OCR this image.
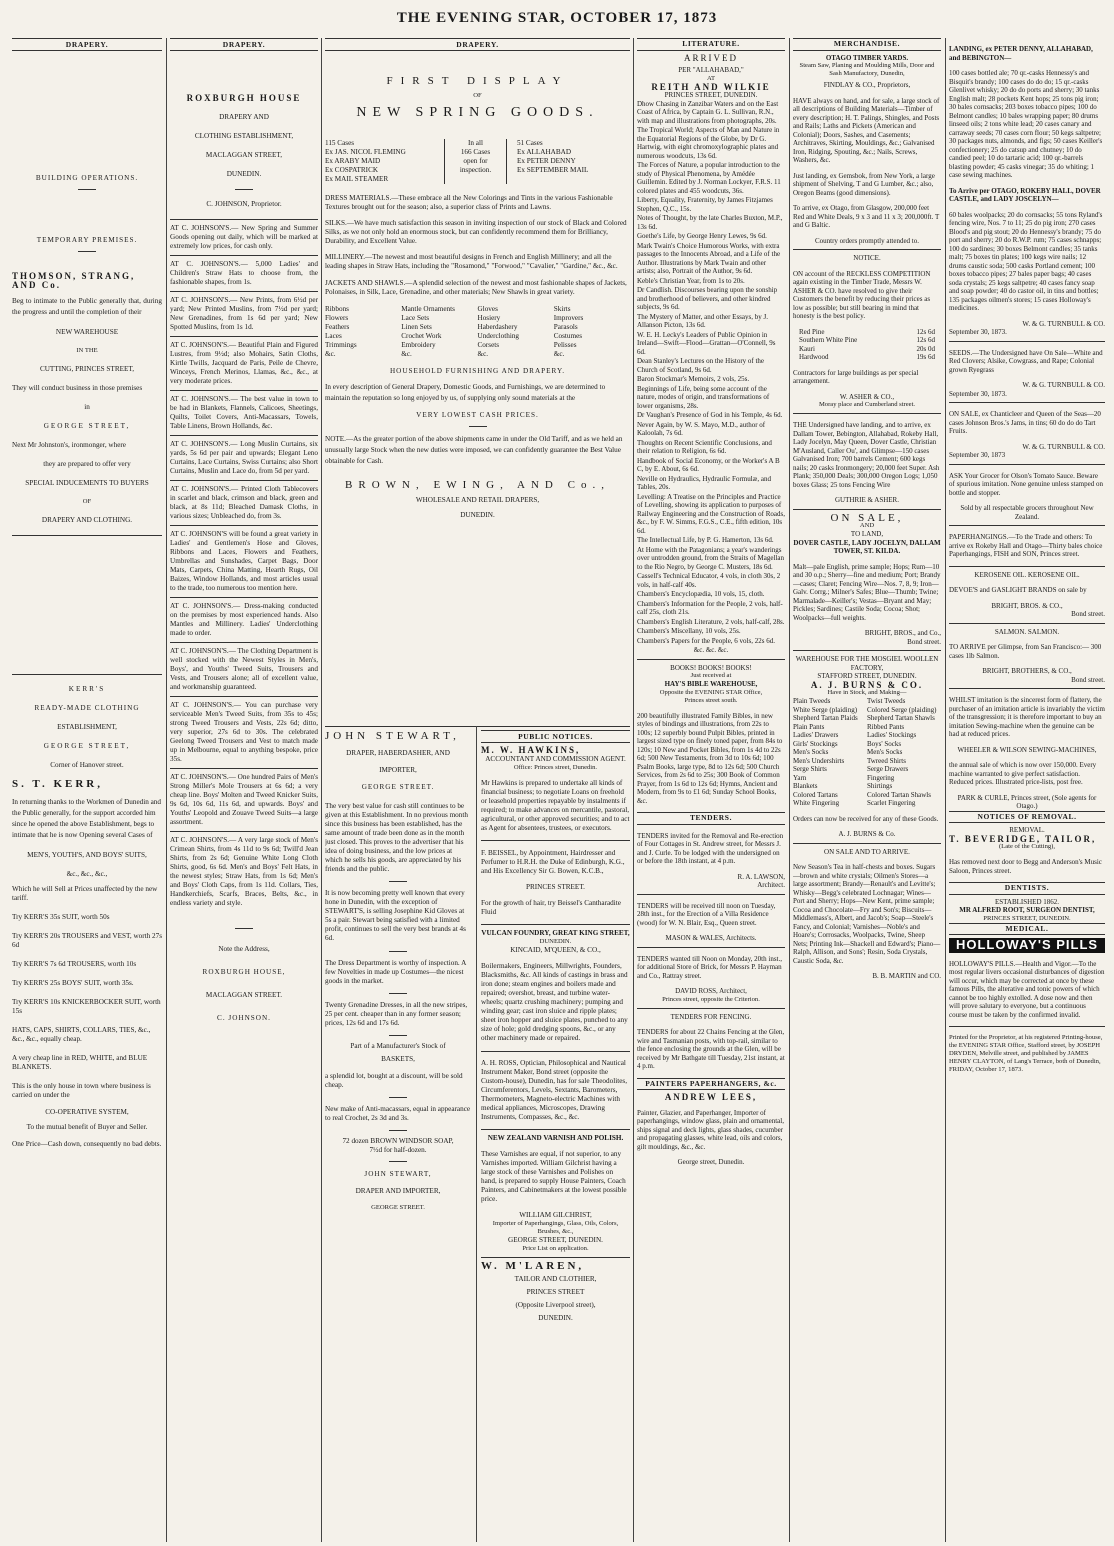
THE EVENING STAR, OCTOBER 17, 1873
DRAPERY.
BUILDING OPERATIONS.
TEMPORARY PREMISES.
THOMSON, STRANG, AND Co.

Beg to intimate to the Public generally that, during the progress and until the completion of their

NEW WAREHOUSE
IN THE
CUTTING, PRINCES STREET,

They will conduct business in those premises

in
GEORGE STREET,

Next Mr Johnston's, ironmonger, where

they are prepared to offer very
SPECIAL INDUCEMENTS TO BUYERS
OF
DRAPERY AND CLOTHING.
KERR'S
READY-MADE CLOTHING
ESTABLISHMENT,
GEORGE STREET,
Corner of Hanover street.
S. T. KERR,

In returning thanks to the Workmen of Dunedin and the Public generally, for the support accorded him since he opened the above Establishment, begs to intimate that he is now Opening several Cases of

MEN'S, YOUTH'S, AND BOYS' SUITS,
&c., &c., &c.,

Which he will Sell at Prices unaffected by the new tariff.

Try KERR'S 35s SUIT, worth 50s

Try KERR'S 20s TROUSERS and VEST, worth 27s 6d

Try KERR'S 7s 6d TROUSERS, worth 10s

Try KERR'S 25s BOYS' SUIT, worth 35s.

Try KERR'S 10s KNICKERBOCKER SUIT, worth 15s

HATS, CAPS, SHIRTS, COLLARS, TIES, &c., &c., &c., equally cheap.

A very cheap line in RED, WHITE, and BLUE BLANKETS.

This is the only house in town where business is carried on under the

CO-OPERATIVE SYSTEM,
To the mutual benefit of Buyer and Seller.

One Price—Cash down, consequently no bad debts.

DRAPERY.
ROXBURGH HOUSE
DRAPERY AND
CLOTHING ESTABLISHMENT,
MACLAGGAN STREET,
DUNEDIN.
C. JOHNSON, Proprietor.

AT C. JOHNSON'S.— New Spring and Summer Goods opening out daily, which will be marked at extremely low prices, for cash only.

AT C. JOHNSON'S.— 5,000 Ladies' and Children's Straw Hats to choose from, the fashionable shapes, from 1s.

AT C. JOHNSON'S.— New Prints, from 6½d per yard; New Printed Muslins, from 7½d per yard; New Grenadines, from 1s 6d per yard; New Spotted Muslins, from 1s 1d.

AT C. JOHNSON'S.— Beautiful Plain and Figured Lustres, from 9½d; also Mohairs, Satin Cloths, Kirtle Twills, Jacquard de Paris, Peile de Chevre, Winceys, French Merinos, Llamas, &c., &c., at very moderate prices.

AT C. JOHNSON'S.— The best value in town to be had in Blankets, Flannels, Calicoes, Sheetings, Quilts, Toilet Covers, Anti-Macassars, Towels, Table Linens, Brown Hollands, &c.

AT C. JOHNSON'S.— Long Muslin Curtains, six yards, 5s 6d per pair and upwards; Elegant Leno Curtains, Lace Curtains, Swiss Curtains; also Short Curtains, Muslin and Lace do, from 5d per yard.

AT C. JOHNSON'S.— Printed Cloth Tablecovers in scarlet and black, crimson and black, green and black, at 8s 11d; Bleached Damask Cloths, in various sizes; Unbleached do, from 3s.

AT C. JOHNSON'S will be found a great variety in Ladies' and Gentlemen's Hose and Gloves, Ribbons and Laces, Flowers and Feathers, Umbrellas and Sunshades, Carpet Bags, Door Mats, Carpets, China Matting, Hearth Rugs, Oil Baizes, Window Hollands, and most articles usual to the trade, too numerous too mention here.

AT C. JOHNSON'S.— Dress-making conducted on the premises by most experienced hands. Also Mantles and Millinery. Ladies' Underclothing made to order.

AT C. JOHNSON'S.— The Clothing Department is well stocked with the Newest Styles in Men's, Boys', and Youths' Tweed Suits, Trousers and Vests, and Trousers alone; all of excellent value, and workmanship guaranteed.

AT C. JOHNSON'S.— You can purchase very serviceable Men's Tweed Suits, from 35s to 45s; strong Tweed Trousers and Vests, 22s 6d; ditto, very superior, 27s 6d to 30s. The celebrated Geelong Tweed Trousers and Vest to match made up in Melbourne, equal to anything bespoke, price 35s.

AT C. JOHNSON'S.— One hundred Pairs of Men's Strong Miller's Mole Trousers at 6s 6d; a very cheap line. Boys' Molten and Tweed Knicker Suits, 9s 6d, 10s 6d, 11s 6d, and upwards. Boys' and Youths' Leopold and Zouave Tweed Suits—a large assortment.

AT C. JOHNSON'S.— A very large stock of Men's Crimean Shirts, from 4s 11d to 9s 6d; Twill'd Jean Shirts, from 2s 6d; Genuine White Long Cloth Shirts, good, 6s 6d. Men's and Boys' Felt Hats, in the newest styles; Straw Hats, from 1s 6d; Men's and Boys' Cloth Caps, from 1s 11d. Collars, Ties, Handkerchiefs, Scarfs, Braces, Belts, &c., in endless variety and style.

Note the Address,
ROXBURGH HOUSE,
MACLAGGAN STREET.
C. JOHNSON.
DRAPERY.
FIRST DISPLAY
OF
NEW SPRING GOODS.
115 Cases
Ex JAS. NICOL FLEMING
Ex ARABY MAID
Ex COSPATRICK
Ex MAIL STEAMER
In all
166 Cases
open for
inspection.
51 Cases
Ex ALLAHABAD
Ex PETER DENNY
Ex SEPTEMBER MAIL

DRESS MATERIALS.—These embrace all the New Colorings and Tints in the various Fashionable Textures brought out for the season; also, a superior class of Prints and Lawns.

SILKS.—We have much satisfaction this season in inviting inspection of our stock of Black and Colored Silks, as we not only hold an enormous stock, but can confidently recommend them for Brilliancy, Durability, and Excellent Value.

MILLINERY.—The newest and most beautiful designs in French and English Millinery; and all the leading shapes in Straw Hats, including the "Rosamond," "Forwood," "Cavalier," "Gardine," &c., &c.

JACKETS AND SHAWLS.—A splendid selection of the newest and most fashionable shapes of Jackets, Polonaises, in Silk, Lace, Grenadine, and other materials; New Shawls in great variety.

Ribbons
Flowers
Feathers
Laces
Trimmings
&c.
Mantle Ornaments
Lace Sets
Linen Sets
Crochet Work
Embroidery
&c.
Gloves
Hosiery
Haberdashery
Underclothing
Corsets
&c.
Skirts
Improvers
Parasols
Costumes
Pelisses
&c.
HOUSEHOLD FURNISHING AND DRAPERY.

In every description of General Drapery, Domestic Goods, and Furnishings, we are determined to maintain the reputation so long enjoyed by us, of supplying only sound materials at the

VERY LOWEST CASH PRICES.

NOTE.—As the greater portion of the above shipments came in under the Old Tariff, and as we held an unusually large Stock when the new duties were imposed, we can confidently guarantee the Best Value obtainable for Cash.

BROWN, EWING, AND Co.,
WHOLESALE AND RETAIL DRAPERS,
DUNEDIN.
JOHN STEWART,
DRAPER, HABERDASHER, AND
IMPORTER,
GEORGE STREET.

The very best value for cash still continues to be given at this Establishment. In no previous month since this business has been established, has the same amount of trade been done as in the month just closed. This proves to the advertiser that his idea of doing business, and the low prices at which he sells his goods, are appreciated by his friends and the public.

It is now becoming pretty well known that every hone in Dunedin, with the exception of STEWART'S, is selling Josephine Kid Gloves at 5s a pair. Stewart being satisfied with a limited profit, continues to sell the very best brands at 4s 6d.

The Dress Department is worthy of inspection. A few Novelties in made up Costumes—the nicest goods in the market.

Twenty Grenadine Dresses, in all the new stripes, 25 per cent. cheaper than in any former season; prices, 12s 6d and 17s 6d.

Part of a Manufacturer's Stock of
BASKETS,

a splendid lot, bought at a discount, will be sold cheap.

New make of Anti-macassars, equal in appearance to real Crochet, 2s 3d and 3s.

72 dozen BROWN WINDSOR SOAP,
7½d for half-dozen.
JOHN STEWART,
DRAPER AND IMPORTER,
GEORGE STREET.
PUBLIC NOTICES.
M. W. HAWKINS,
ACCOUNTANT AND COMMISSION AGENT.
Office: Princes street, Dunedin.

Mr Hawkins is prepared to undertake all kinds of financial business; to negotiate Loans on freehold or leasehold properties repayable by instalments if required; to make advances on mercantile, pastoral, agricultural, or other approved securities; and to act as Agent for absentees, trustees, or executors.

F. BEISSEL, by Appointment, Hairdresser and Perfumer to H.R.H. the Duke of Edinburgh, K.G., and His Excellency Sir G. Bowen, K.C.B.,

PRINCES STREET.

For the growth of hair, try Beissel's Cantharadite Fluid

VULCAN FOUNDRY, GREAT KING STREET,
DUNEDIN.
KINCAID, M'QUEEN, & CO.,

Boilermakers, Engineers, Millwrights, Founders, Blacksmiths, &c. All kinds of castings in brass and iron done; steam engines and boilers made and repaired; overshot, breast, and turbine water-wheels; quartz crushing machinery; pumping and winding gear; cast iron sluice and ripple plates; sheet iron hopper and sluice plates, punched to any size of hole; gold dredging spoons, &c., or any other machinery made or repaired.

A. H. ROSS, Optician, Philosophical and Nautical Instrument Maker, Bond street (opposite the Custom-house), Dunedin, has for sale Theodolites, Circumferentors, Levels, Sextants, Barometers, Thermometers, Magneto-electric Machines with medical appliances, Microscopes, Drawing Instruments, Compasses, &c., &c.

NEW ZEALAND VARNISH AND POLISH.

These Varnishes are equal, if not superior, to any Varnishes imported. William Gilchrist having a large stock of these Varnishes and Polishes on hand, is prepared to supply House Painters, Coach Painters, and Cabinetmakers at the lowest possible price.

WILLIAM GILCHRIST,
Importer of Paperhangings, Glass, Oils, Colors, Brushes, &c.,
GEORGE STREET, DUNEDIN.
Price List on application.
W. M'LAREN,
TAILOR AND CLOTHIER,
PRINCES STREET
(Opposite Liverpool street),
DUNEDIN.
LITERATURE.
ARRIVED
PER "ALLAHABAD,"
AT
REITH AND WILKIE
PRINCES STREET, DUNEDIN.

Dhow Chasing in Zanzibar Waters and on the East Coast of Africa, by Captain G. L. Sullivan, R.N., with map and illustrations from photographs, 20s.

The Tropical World; Aspects of Man and Nature in the Equatorial Regions of the Globe, by Dr G. Hartwig, with eight chromoxylographic plates and numerous woodcuts, 13s 6d.

The Forces of Nature, a popular introduction to the study of Physical Phenomena, by Amédée Guillemin. Edited by J. Norman Lockyer, F.R.S. 11 colored plates and 455 woodcuts, 36s.

Liberty, Equality, Fraternity, by James Fitzjames Stephen, Q.C., 15s.

Notes of Thought, by the late Charles Buxton, M.P., 13s 6d.

Goethe's Life, by George Henry Lewes, 9s 6d.

Mark Twain's Choice Humorous Works, with extra passages to the Innocents Abroad, and a Life of the Author. Illustrations by Mark Twain and other artists; also, Portrait of the Author, 9s 6d.

Keble's Christian Year, from 1s to 20s.

Dr Candlish. Discourses bearing upon the sonship and brotherhood of believers, and other kindred subjects, 9s 6d.

The Mystery of Matter, and other Essays, by J. Allanson Picton, 13s 6d.

W. E. H. Lecky's Leaders of Public Opinion in Ireland—Swift—Flood—Grattan—O'Connell, 9s 6d.

Dean Stanley's Lectures on the History of the Church of Scotland, 9s 6d.

Baron Stockmar's Memoirs, 2 vols, 25s.

Beginnings of Life, being some account of the nature, modes of origin, and transformations of lower organisms, 28s.

Dr Vaughan's Presence of God in his Temple, 4s 6d.

Never Again, by W. S. Mayo, M.D., author of Kaloolah, 7s 6d.

Thoughts on Recent Scientific Conclusions, and their relation to Religion, 6s 6d.

Handbook of Social Economy, or the Worker's A B C, by E. About, 6s 6d.

Neville on Hydraulics, Hydraulic Formulæ, and Tables, 20s.

Levelling: A Treatise on the Principles and Practice of Levelling, showing its application to purposes of Railway Engineering and the Construction of Roads, &c., by F. W. Simms, F.G.S., C.E., fifth edition, 10s 6d.

The Intellectual Life, by P. G. Hamerton, 13s 6d.

At Home with the Patagonians; a year's wanderings over untrodden ground, from the Straits of Magellan to the Rio Negro, by George C. Musters, 18s 6d.

Cassell's Technical Educator, 4 vols, in cloth 30s, 2 vols, in half-calf 40s.

Chambers's Encyclopædia, 10 vols, 15, cloth.

Chambers's Information for the People, 2 vols, half-calf 25s, cloth 21s.

Chambers's English Literature, 2 vols, half-calf, 28s.

Chambers's Miscellany, 10 vols, 25s.

Chambers's Papers for the People, 6 vols, 22s 6d.

&c. &c. &c.
BOOKS! BOOKS! BOOKS!
Just received at
HAY'S BIBLE WAREHOUSE,
Opposite the EVENING STAR Office,
Princes street south.

200 beautifully illustrated Family Bibles, in new styles of bindings and illustrations, from 22s to 100s; 12 superbly bound Pulpit Bibles, printed in largest sized type on finely toned paper, from 84s to 120s; 10 New and Pocket Bibles, from 1s 4d to 22s 6d; 500 New Testaments, from 3d to 10s 6d; 100 Psalm Books, large type, 8d to 12s 6d; 500 Church Services, from 2s 6d to 25s; 300 Book of Common Prayer, from 1s 6d to 12s 6d; Hymns, Ancient and Modern, from 9s to £1 6d; Sunday School Books, &c.

TENDERS.

TENDERS invited for the Removal and Re-erection of Four Cottages in St. Andrew street, for Messrs J. and J. Curle. To be lodged with the undersigned on or before the 18th instant, at 4 p.m.

R. A. LAWSON,
Architect.

TENDERS will be received till noon on Tuesday, 28th inst., for the Erection of a Villa Residence (wood) for W. N. Blair, Esq., Queen street.

MASON & WALES, Architects.

TENDERS wanted till Noon on Monday, 20th inst., for additional Store of Brick, for Messrs P. Hayman and Co., Rattray street.

DAVID ROSS, Architect,
Princes street, opposite the Criterion.
TENDERS FOR FENCING.

TENDERS for about 22 Chains Fencing at the Glen, wire and Tasmanian posts, with top-rail, similar to the fence enclosing the grounds at the Glen, will be received by Mr Bathgate till Tuesday, 21st instant, at 4 p.m.

PAINTERS PAPERHANGERS, &c.
ANDREW LEES,

Painter, Glazier, and Paperhanger, Importer of paperhangings, window glass, plain and ornamental, ships signal and deck lights, glass shades, cucumber and propagating glasses, white lead, oils and colors, gilt mouldings, &c., &c.

George street, Dunedin.
MERCHANDISE.
OTAGO TIMBER YARDS.
Steam Saw, Planing and Moulding Mills, Door and Sash Manufactory, Dunedin,
FINDLAY & CO., Proprietors,

HAVE always on hand, and for sale, a large stock of all descriptions of Building Materials—Timber of every description; H. T. Palings, Shingles, and Posts and Rails; Laths and Pickets (American and Colonial); Doors, Sashes, and Casements; Architraves, Skirting, Mouldings, &c.; Galvanised Iron, Ridging, Spouting, &c.; Nails, Screws, Washers, &c.

Just landing, ex Gemsbok, from New York, a large shipment of Shelving, T and G Lumber, &c.; also, Oregon Beams (good dimensions).

To arrive, ex Otago, from Glasgow, 200,000 feet Red and White Deals, 9 x 3 and 11 x 3; 200,000ft. T and G Baltic.

Country orders promptly attended to.
NOTICE.

ON account of the RECKLESS COMPETITION again existing in the Timber Trade, Messrs W. ASHER & CO. have resolved to give their Customers the benefit by reducing their prices as low as possible; but still bearing in mind that honesty is the best policy.

Red Pine	12s 6d
Southern White Pine	12s 6d
Kauri	20s 0d
Hardwood	19s 6d

Contractors for large buildings as per special arrangement.

W. ASHER & CO.,
Moray place and Cumberland street.

THE Undersigned have landing, and to arrive, ex Dallam Tower, Bebington, Allahabad, Rokeby Hall, Lady Jocelyn, May Queen, Dover Castle, Christian M'Ausland, Caller Ou', and Glimpse—150 cases Galvanised Iron; 700 barrels Cement; 600 kegs nails; 20 casks Ironmongery; 20,000 feet Super. Ash Plank; 350,000 Deals; 300,000 Oregon Logs; 1,050 boxes Glass; 25 tons Fencing Wire

GUTHRIE & ASHER.
ON SALE,
AND
TO LAND,
DOVER CASTLE, LADY JOCELYN, DALLAM TOWER, ST. KILDA.

Malt—pale English, prime sample; Hops; Rum—10 and 30 o.p.; Sherry—fine and medium; Port; Brandy—cases; Claret; Fencing Wire—Nos. 7, 8, 9; Iron—Galv. Corrg.; Milner's Safes; Blue—Thumb; Twine; Marmalade—Keiller's; Vestas—Bryant and May; Pickles; Sardines; Castile Soda; Cocoa; Shot; Woolpacks—full weights.

BRIGHT, BROS., and Co.,
Bond street.
WAREHOUSE FOR THE MOSGIEL WOOLLEN FACTORY,
STAFFORD STREET, DUNEDIN.
A. J. BURNS & CO.
Have in Stock, and Making—
Plain Tweeds
White Serge (plaiding)
Shepherd Tartan Plaids
Plain Pants
Ladies' Drawers
Girls' Stockings
Men's Socks
Men's Undershirts
Serge Shirts
Yarn
Blankets
Colored Tartans
White Fingering
Twist Tweeds
Colored Serge (plaiding)
Shepherd Tartan Shawls
Ribbed Pants
Ladies' Stockings
Boys' Socks
Men's Socks
Twreed Shirts
Serge Drawers
Fingering
Shirtings
Colored Tartan Shawls
Scarlet Fingering

Orders can now be received for any of these Goods.

A. J. BURNS & Co.
ON SALE AND TO ARRIVE.

New Season's Tea in half-chests and boxes. Sugars—brown and white crystals; Oilmen's Stores—a large assortment; Brandy—Renault's and Levitte's; Whisky—Begg's celebrated Lochnagar; Wines—Port and Sherry; Hops—New Kent, prime sample; Cocoa and Chocolate—Fry and Son's; Biscuits—Middlemass's, Albert, and Jacob's; Soap—Steele's Fancy, and Colonial; Varnishes—Noble's and Hoare's; Corrosacks, Woolpacks, Twine, Sheep Nets; Printing Ink—Shackell and Edward's; Piano—Ralph, Allison, and Sons'; Resin, Soda Crystals, Caustic Soda, &c.

B. B. MARTIN and CO.

LANDING, ex PETER DENNY, ALLAHABAD, and BEBINGTON—

100 cases bottled ale; 70 qr.-casks Hennessy's and Bisquit's brandy; 100 cases do do do; 15 qr.-casks Glenlivet whisky; 20 do do ports and sherry; 30 tanks English malt; 28 pockets Kent hops; 25 tons pig iron; 30 bales cornsacks; 203 boxes tobacco pipes; 100 do Belmont candles; 10 bales wrapping paper; 80 drums linseed oils; 2 tons white lead; 20 cases canary and carraway seeds; 70 cases corn flour; 50 kegs saltpetre; 30 packages nuts, almonds, and figs; 50 cases Keiller's confectionery; 25 do catsup and chutney; 10 do candied peel; 10 do tartaric acid; 100 qr.-barrels blasting powder; 45 casks vinegar; 35 do whiting; 1 case sewing machines.

To Arrive per OTAGO, ROKEBY HALL, DOVER CASTLE, and LADY JOSCELYN—

60 bales woolpacks; 20 do cornsacks; 55 tons Ryland's fencing wire, Nos. 7 to 11; 25 do pig iron; 270 cases Blood's and pig stout; 20 do Hennessy's brandy; 75 do port and sherry; 20 do R.W.P. rum; 75 cases schnapps; 100 do sardines; 30 boxes Belmont candles; 35 tanks malt; 75 boxes tin plates; 100 kegs wire nails; 12 drums caustic soda; 500 casks Portland cement; 100 boxes tobacco pipes; 27 bales paper bags; 40 cases soda crystals; 25 kegs saltpetre; 40 cases fancy soap and soap powder; 40 do castor oil, in tins and bottles; 135 packages oilmen's stores; 15 cases Holloway's medicines.

W. & G. TURNBULL & CO.
September 30, 1873.

SEEDS.—The Undersigned have On Sale—White and Red Clovers; Alsike, Cowgrass, and Rape; Colonial grown Ryegrass

W. & G. TURNBULL & CO.
September 30, 1873.

ON SALE, ex Chanticleer and Queen of the Seas—20 cases Johnson Bros.'s Jams, in tins; 60 do do do Tart Fruits.

W. & G. TURNBULL & CO.
September 30, 1873

ASK Your Grocer for Olson's Tomato Sauce. Beware of spurious imitation. None genuine unless stamped on bottle and stopper.

Sold by all respectable grocers throughout New Zealand.

PAPERHANGINGS.—To the Trade and others: To arrive ex Rokeby Hall and Otago—Thirty bales choice Paperhangings, FISH and SON, Princes street.

KEROSENE OIL. KEROSENE OIL.

DEVOE'S and GASLIGHT BRANDS on sale by

BRIGHT, BROS. & CO.,
Bond street.
SALMON. SALMON.

TO ARRIVE per Glimpse, from San Francisco:— 300 cases 1lb Salmon.

BRIGHT, BROTHERS, & CO.,
Bond street.

WHILST imitation is the sincerest form of flattery, the purchaser of an imitation article is invariably the victim of the transgression; it is therefore important to buy an imitation Sewing-machine when the genuine can be had at reduced prices.

WHEELER & WILSON SEWING-MACHINES,

the annual sale of which is now over 150,000. Every machine warranted to give perfect satisfaction. Reduced prices. Illustrated price-lists, post free.

PARK & CURLE, Princes street, (Sole agents for Otago.)
NOTICES OF REMOVAL.
REMOVAL.
T. BEVERIDGE, TAILOR,
(Late of the Cutting),

Has removed next door to Begg and Anderson's Music Saloon, Princes street.

DENTISTS.
ESTABLISHED 1862.
MR ALFRED ROOT, SURGEON DENTIST,
PRINCES STREET, DUNEDIN.
MEDICAL.
HOLLOWAY'S PILLS

HOLLOWAY'S PILLS.—Health and Vigor.—To the most regular livers occasional disturbances of digestion will occur, which may be corrected at once by these famous Pills, the alterative and tonic powers of which cannot be too highly extolled. A dose now and then will prove salutary to everyone, but a continuous course must be taken by the confirmed invalid.

Printed for the Proprietor, at his registered Printing-house, the EVENING STAR Office, Stafford street, by JOSEPH DRYDEN, Melville street, and published by JAMES HENRY CLAYTON, of Lang's Terrace, both of Dunedin, FRIDAY, October 17, 1873.
